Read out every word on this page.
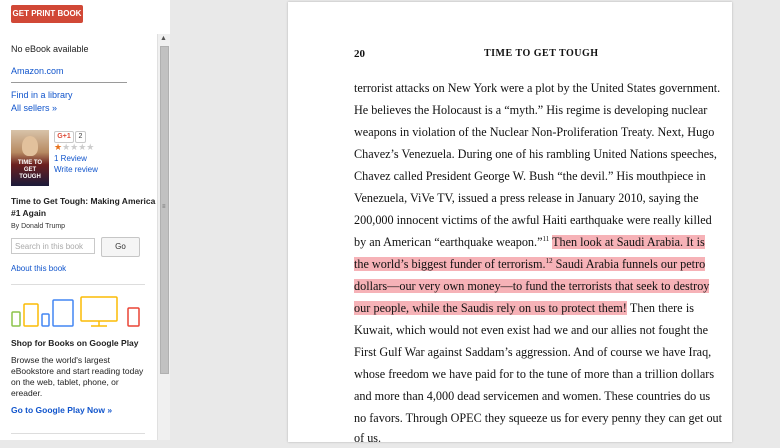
GET PRINT BOOK
No eBook available
Amazon.com
Find in a library
All sellers »
TIME TO GET TOUGH
G+1	2
★★★★★
1 Review
Write review
Time to Get Tough: Making America
#1 Again
By Donald Trump
Search in this book
Go
About this book
Shop for Books on Google Play
Browse the world's largest
eBookstore and start reading today
on the web, tablet, phone, or
ereader.
Go to Google Play Now »
▲
≡
20	TIME TO GET TOUGH
terrorist attacks on New York were a plot by the United States government.
He believes the Holocaust is a “myth.” His regime is developing nuclear
weapons in violation of the Nuclear Non-Proliferation Treaty. Next, Hugo
Chavez’s Venezuela. During one of his rambling United Nations speeches,
Chavez called President George W. Bush “the devil.” His mouthpiece in
Venezuela, ViVe TV, issued a press release in January 2010, saying the
200,000 innocent victims of the awful Haiti earthquake were really killed
by an American “earthquake weapon.”$^{11}$ Then look at Saudi Arabia. It is
the world’s biggest funder of terrorism.$^{12}$ Saudi Arabia funnels our petro
dollars—our very own money—to fund the terrorists that seek to destroy
our people, while the Saudis rely on us to protect them! Then there is
Kuwait, which would not even exist had we and our allies not fought the
First Gulf War against Saddam’s aggression. And of course we have Iraq,
whose freedom we have paid for to the tune of more than a trillion dollars
and more than 4,000 dead servicemen and women. These countries do us
no favors. Through OPEC they squeeze us for every penny they can get out
of us.
